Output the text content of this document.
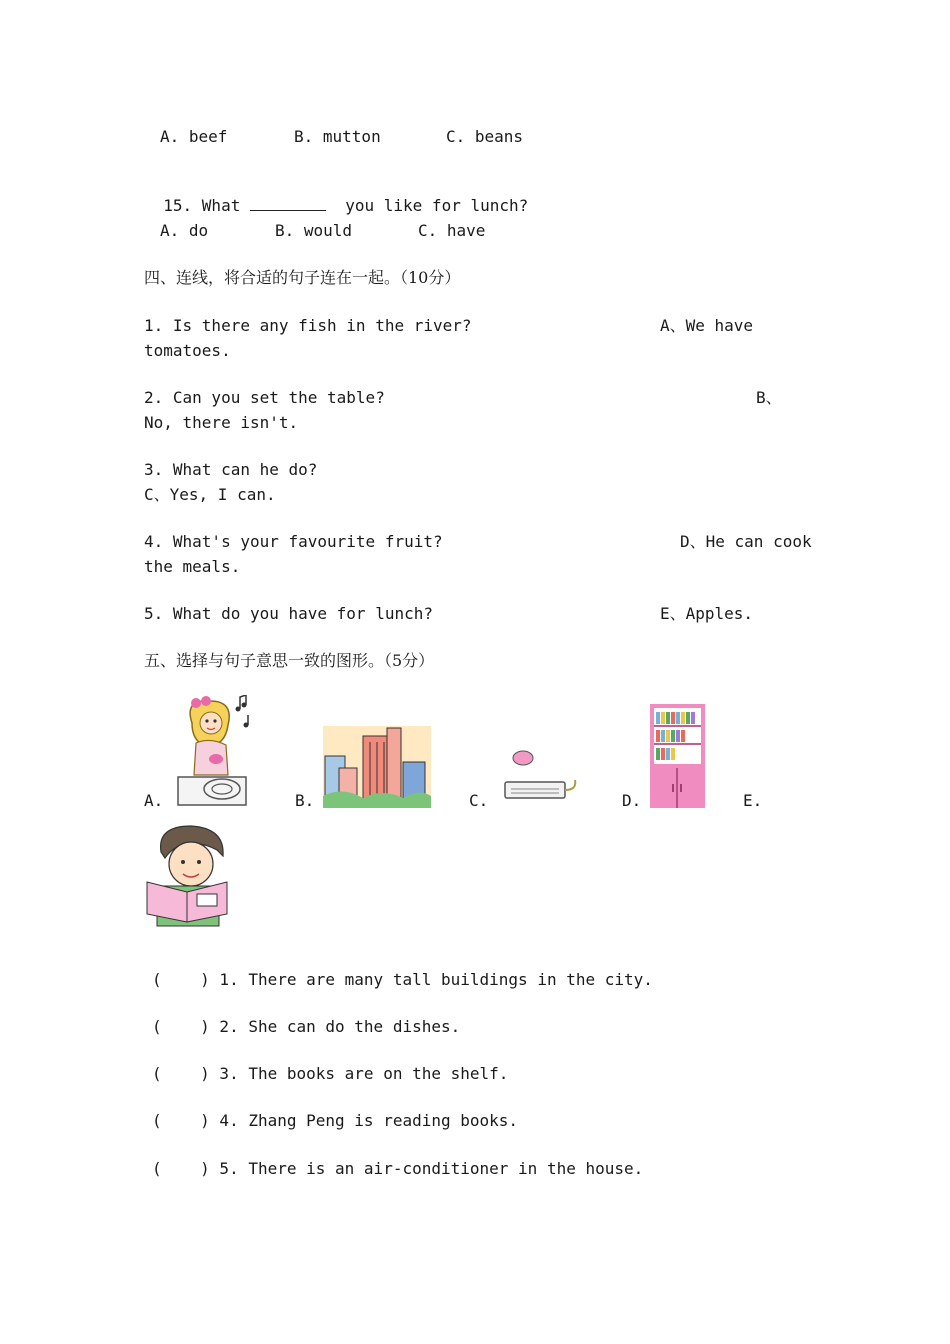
A. beef	B. mutton	C. beans

15. What	you like for lunch?

A. do	B. would	C. have
四、连线，将合适的句子连在一起。（10分）
1. Is there any fish in the river?	A、We have
tomatoes.
2. Can you set the table?	B、
No, there isn't.
3. What can he do?
C、Yes, I can.
4. What's your favourite fruit?	D、He can cook
the meals.
5. What do you have for lunch?	E、Apples.
五、选择与句子意思一致的图形。（5分）
A.	B.	C.	D.	E.
(    ) 1. There are many tall buildings in the city.
(    ) 2. She can do the dishes.
(    ) 3. The books are on the shelf.
(    ) 4. Zhang Peng is reading books.
(    ) 5. There is an air-conditioner in the house.
